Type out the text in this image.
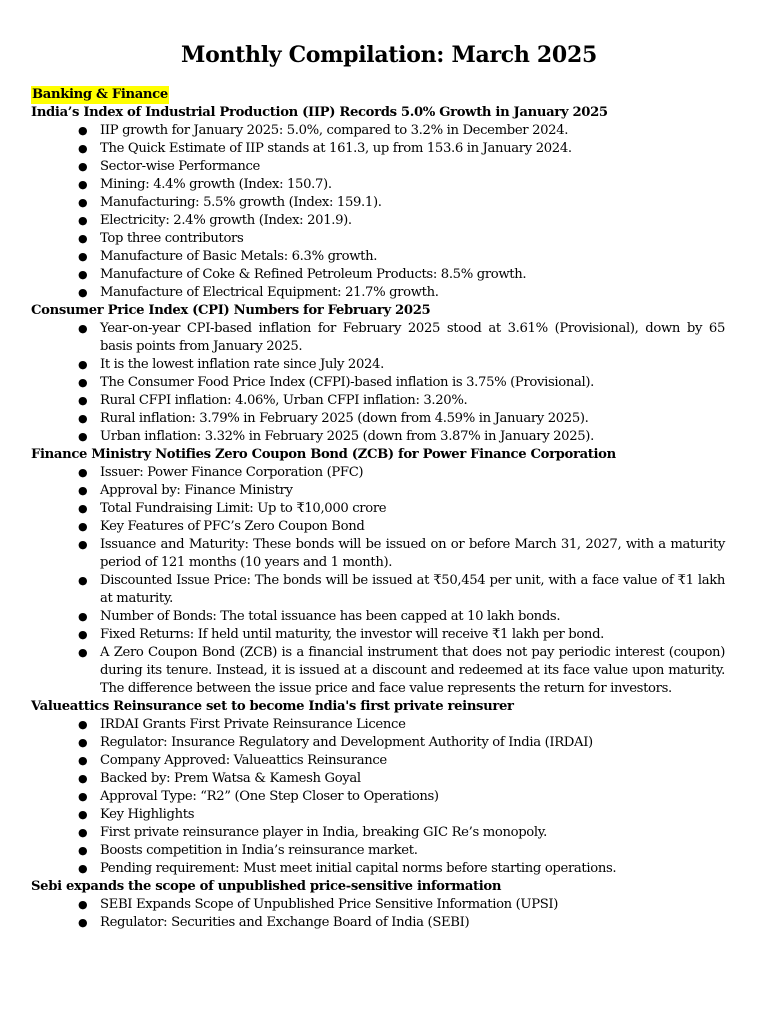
Monthly Compilation: March 2025
Banking & Finance
India’s Index of Industrial Production (IIP) Records 5.0% Growth in January 2025
● IIP growth for January 2025: 5.0%, compared to 3.2% in December 2024.
● The Quick Estimate of IIP stands at 161.3, up from 153.6 in January 2024.
● Sector-wise Performance
● Mining: 4.4% growth (Index: 150.7).
● Manufacturing: 5.5% growth (Index: 159.1).
● Electricity: 2.4% growth (Index: 201.9).
● Top three contributors
● Manufacture of Basic Metals: 6.3% growth.
● Manufacture of Coke & Refined Petroleum Products: 8.5% growth.
● Manufacture of Electrical Equipment: 21.7% growth.
Consumer Price Index (CPI) Numbers for February 2025
● Year-on-year CPI-based inflation for February 2025 stood at 3.61% (Provisional), down by 65 basis points from January 2025.
● It is the lowest inflation rate since July 2024.
● The Consumer Food Price Index (CFPI)-based inflation is 3.75% (Provisional).
● Rural CFPI inflation: 4.06%, Urban CFPI inflation: 3.20%.
● Rural inflation: 3.79% in February 2025 (down from 4.59% in January 2025).
● Urban inflation: 3.32% in February 2025 (down from 3.87% in January 2025).
Finance Ministry Notifies Zero Coupon Bond (ZCB) for Power Finance Corporation
● Issuer: Power Finance Corporation (PFC)
● Approval by: Finance Ministry
● Total Fundraising Limit: Up to ₹10,000 crore
● Key Features of PFC’s Zero Coupon Bond
● Issuance and Maturity: These bonds will be issued on or before March 31, 2027, with a maturity period of 121 months (10 years and 1 month).
● Discounted Issue Price: The bonds will be issued at ₹50,454 per unit, with a face value of ₹1 lakh at maturity.
● Number of Bonds: The total issuance has been capped at 10 lakh bonds.
● Fixed Returns: If held until maturity, the investor will receive ₹1 lakh per bond.
● A Zero Coupon Bond (ZCB) is a financial instrument that does not pay periodic interest (coupon) during its tenure. Instead, it is issued at a discount and redeemed at its face value upon maturity. The difference between the issue price and face value represents the return for investors.
Valueattics Reinsurance set to become India's first private reinsurer
● IRDAI Grants First Private Reinsurance Licence
● Regulator: Insurance Regulatory and Development Authority of India (IRDAI)
● Company Approved: Valueattics Reinsurance
● Backed by: Prem Watsa & Kamesh Goyal
● Approval Type: “R2” (One Step Closer to Operations)
● Key Highlights
● First private reinsurance player in India, breaking GIC Re’s monopoly.
● Boosts competition in India’s reinsurance market.
● Pending requirement: Must meet initial capital norms before starting operations.
Sebi expands the scope of unpublished price-sensitive information
● SEBI Expands Scope of Unpublished Price Sensitive Information (UPSI)
● Regulator: Securities and Exchange Board of India (SEBI)
